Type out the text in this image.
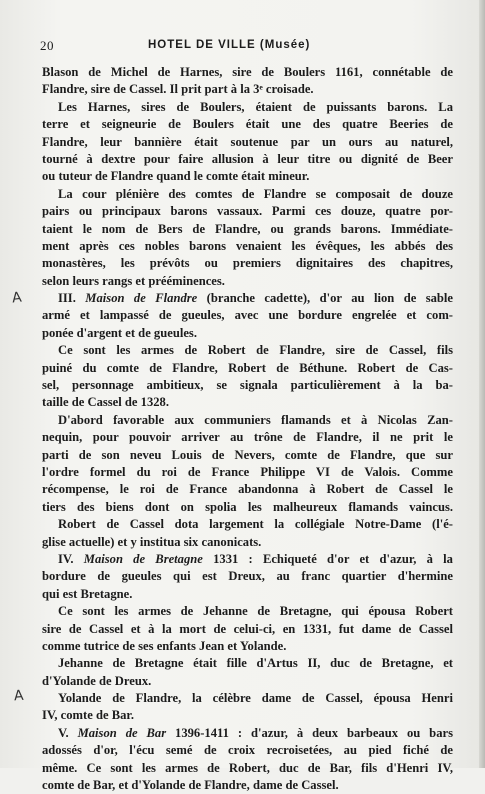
20	HOTEL DE VILLE (Musée)
Blason de Michel de Harnes, sire de Boulers 1161, connétable de
Flandre, sire de Cassel. Il prit part à la 3ᵉ croisade.
Les Harnes, sires de Boulers, étaient de puissants barons. La
terre et seigneurie de Boulers était une des quatre Beeries de
Flandre, leur bannière était soutenue par un ours au naturel,
tourné à dextre pour faire allusion à leur titre ou dignité de Beer
ou tuteur de Flandre quand le comte était mineur.
La cour plénière des comtes de Flandre se composait de douze
pairs ou principaux barons vassaux. Parmi ces douze, quatre por-
taient le nom de Bers de Flandre, ou grands barons. Immédiate-
ment après ces nobles barons venaient les évêques, les abbés des
monastères, les prévôts ou premiers dignitaires des chapitres,
selon leurs rangs et prééminences.
III. Maison de Flandre (branche cadette), d'or au lion de sable
armé et lampassé de gueules, avec une bordure engrelée et com-
ponée d'argent et de gueules.
Ce sont les armes de Robert de Flandre, sire de Cassel, fils
puiné du comte de Flandre, Robert de Béthune. Robert de Cas-
sel, personnage ambitieux, se signala particulièrement à la ba-
taille de Cassel de 1328.
D'abord favorable aux communiers flamands et à Nicolas Zan-
nequin, pour pouvoir arriver au trône de Flandre, il ne prit le
parti de son neveu Louis de Nevers, comte de Flandre, que sur
l'ordre formel du roi de France Philippe VI de Valois. Comme
récompense, le roi de France abandonna à Robert de Cassel le
tiers des biens dont on spolia les malheureux flamands vaincus.
Robert de Cassel dota largement la collégiale Notre-Dame (l'é-
glise actuelle) et y institua six canonicats.
IV. Maison de Bretagne 1331 : Echiqueté d'or et d'azur, à la
bordure de gueules qui est Dreux, au franc quartier d'hermine
qui est Bretagne.
Ce sont les armes de Jehanne de Bretagne, qui épousa Robert
sire de Cassel et à la mort de celui-ci, en 1331, fut dame de Cassel
comme tutrice de ses enfants Jean et Yolande.
Jehanne de Bretagne était fille d'Artus II, duc de Bretagne, et
d'Yolande de Dreux.
Yolande de Flandre, la célèbre dame de Cassel, épousa Henri
IV, comte de Bar.
V. Maison de Bar 1396-1411 : d'azur, à deux barbeaux ou bars
adossés d'or, l'écu semé de croix recroisetées, au pied fiché de
même. Ce sont les armes de Robert, duc de Bar, fils d'Henri IV,
comte de Bar, et d'Yolande de Flandre, dame de Cassel.
A
A
